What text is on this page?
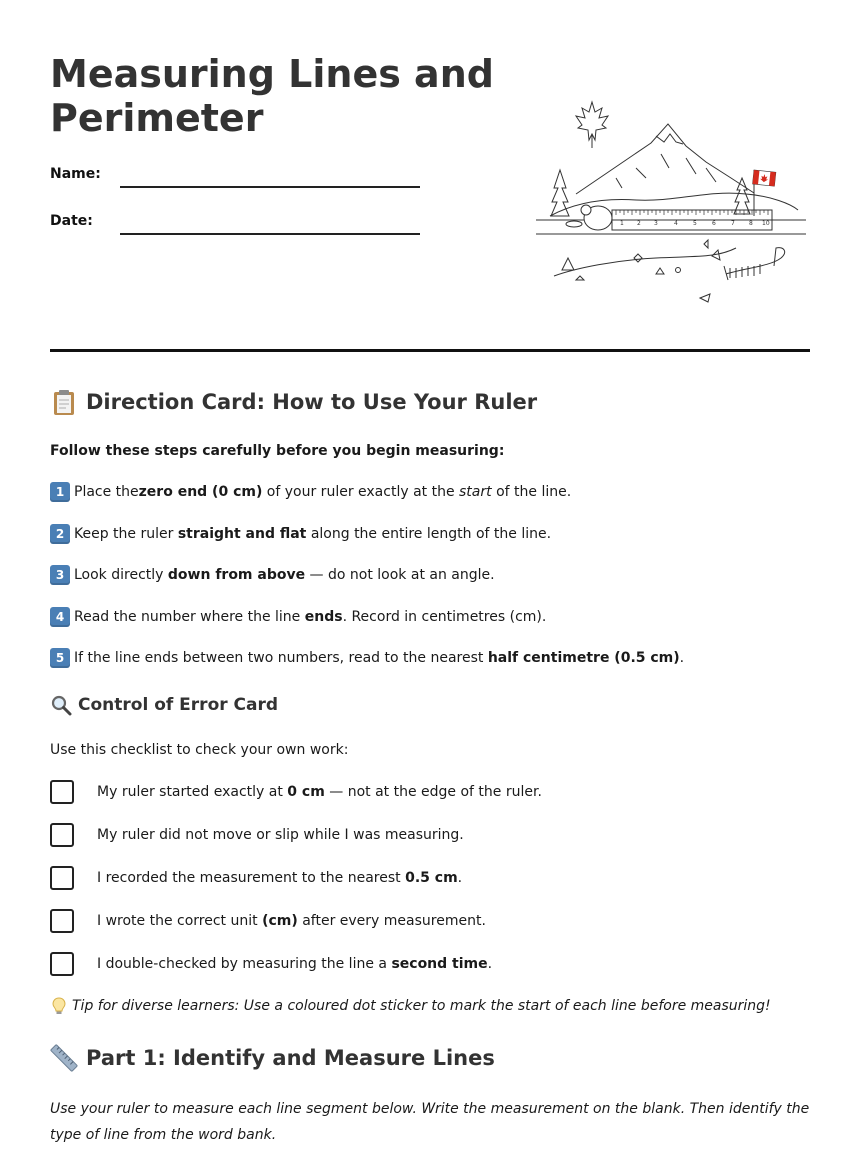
Measuring Lines and
Perimeter
Name:
Date:	1 2 3	4	5	6	7 8 10
Direction Card: How to Use Your Ruler

Follow these steps carefully before you begin measuring:

1 Place the zero end (0 cm) of your ruler exactly at the start of the line.
2 Keep the ruler straight and flat along the entire length of the line.
3 Look directly down from above — do not look at an angle.
4 Read the number where the line ends . Record in centimetres (cm).
5 If the line ends between two numbers, read to the nearest half centimetre (0.5 cm) .
Control of Error Card

Use this checklist to check your own work:

My ruler started exactly at 0 cm — not at the edge of the ruler.
My ruler did not move or slip while I was measuring.
I recorded the measurement to the nearest 0.5 cm .
I wrote the correct unit (cm) after every measurement.
I double-checked by measuring the line a second time .
Tip for diverse learners: Use a coloured dot sticker to mark the start of each line before measuring!
Part 1: Identify and Measure Lines

Use your ruler to measure each line segment below. Write the measurement on the blank. Then identify the type of line from the word bank.
